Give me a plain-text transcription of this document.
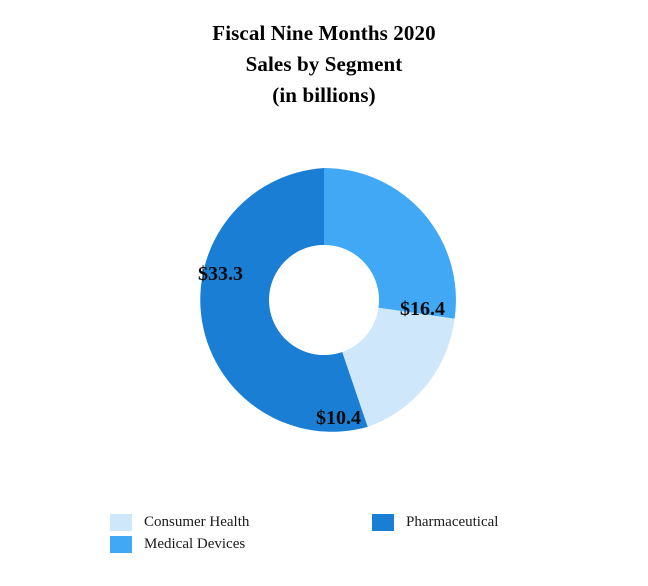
Fiscal Nine Months 2020
Sales by Segment
(in billions)
$33.3
$16.4
$10.4
Consumer Health
Medical Devices
Pharmaceutical
